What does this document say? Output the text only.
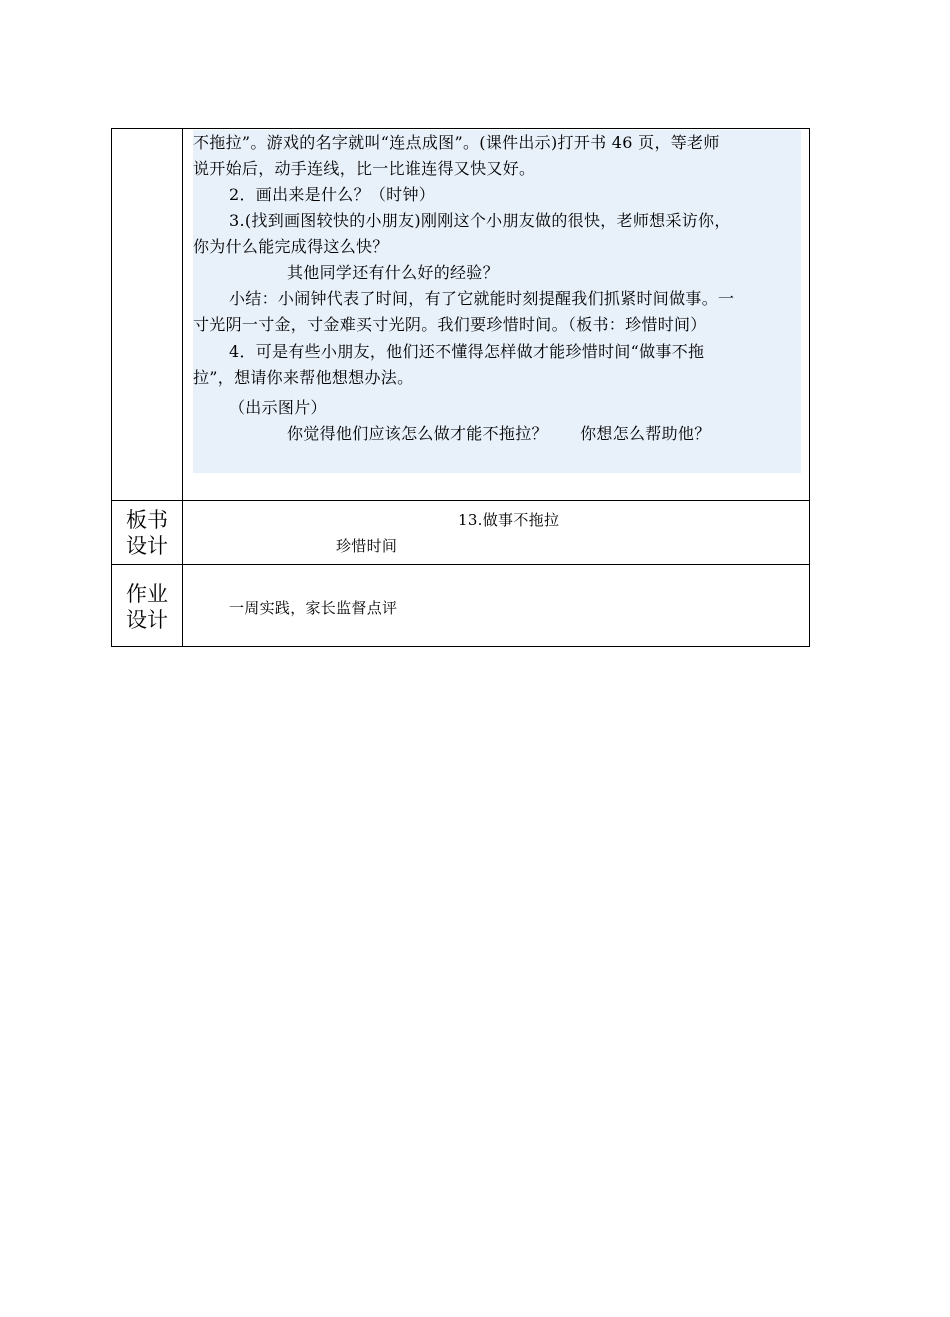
不拖拉”。游戏的名字就叫“连点成图”。(课件出示)打开书 46 页，等老师
说开始后，动手连线，比一比谁连得又快又好。
2．画出来是什么？（时钟）
3.(找到画图较快的小朋友)刚刚这个小朋友做的很快，老师想采访你，
你为什么能完成得这么快？
其他同学还有什么好的经验？
小结：小闹钟代表了时间，有了它就能时刻提醒我们抓紧时间做事。一
寸光阴一寸金，寸金难买寸光阴。我们要珍惜时间。（板书：珍惜时间）
4．可是有些小朋友，他们还不懂得怎样做才能珍惜时间“做事不拖
拉”，想请你来帮他想想办法。
（出示图片）
你觉得他们应该怎么做才能不拖拉？      你想怎么帮助他？
板书
设计
13.做事不拖拉
珍惜时间
作业
设计	一周实践，家长监督点评
